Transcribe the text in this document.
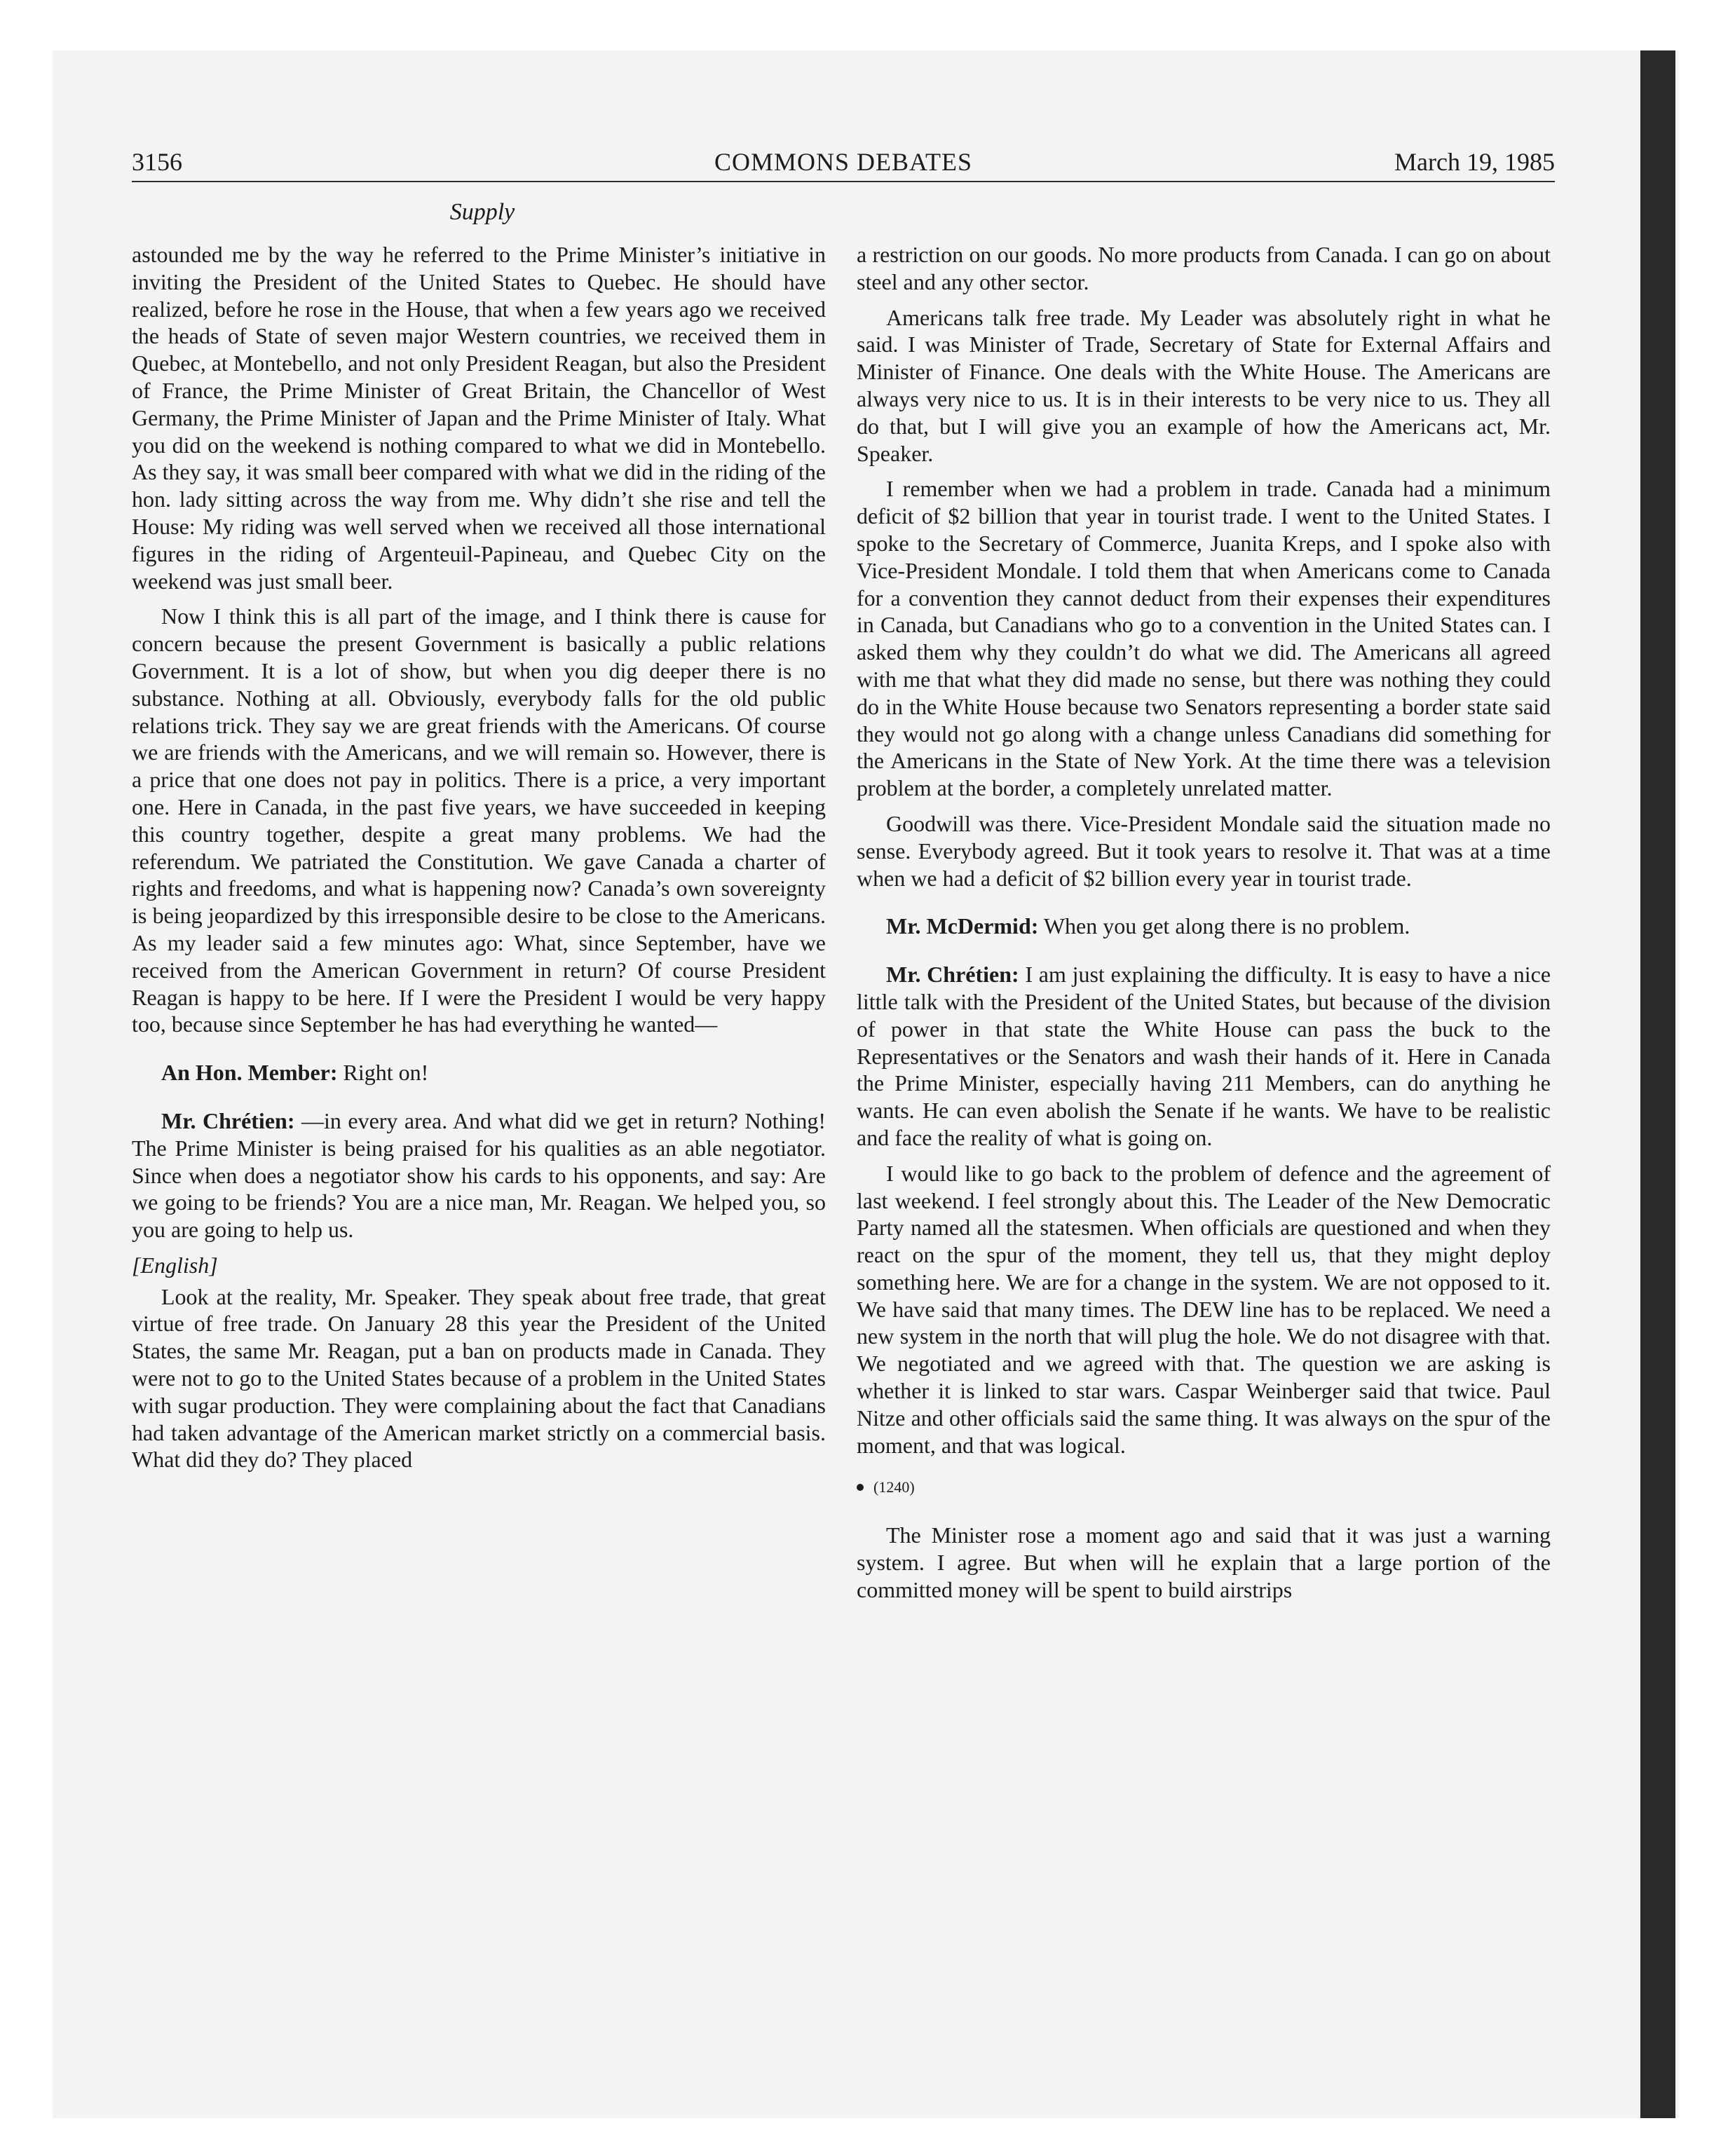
3156	COMMONS DEBATES	March 19, 1985
Supply

astounded me by the way he referred to the Prime Minister’s initiative in inviting the President of the United States to Quebec. He should have realized, before he rose in the House, that when a few years ago we received the heads of State of seven major Western countries, we received them in Quebec, at Montebello, and not only President Reagan, but also the President of France, the Prime Minister of Great Britain, the Chancellor of West Germany, the Prime Minister of Japan and the Prime Minister of Italy. What you did on the weekend is nothing compared to what we did in Montebello. As they say, it was small beer compared with what we did in the riding of the hon. lady sitting across the way from me. Why didn’t she rise and tell the House: My riding was well served when we received all those international figures in the riding of Argenteuil-Papineau, and Quebec City on the weekend was just small beer.

Now I think this is all part of the image, and I think there is cause for concern because the present Government is basically a public relations Government. It is a lot of show, but when you dig deeper there is no substance. Nothing at all. Obviously, everybody falls for the old public relations trick. They say we are great friends with the Americans. Of course we are friends with the Americans, and we will remain so. However, there is a price that one does not pay in politics. There is a price, a very important one. Here in Canada, in the past five years, we have succeeded in keeping this country together, despite a great many problems. We had the referendum. We patriated the Constitution. We gave Canada a charter of rights and freedoms, and what is happening now? Canada’s own sovereignty is being jeopardized by this irresponsible desire to be close to the Americans. As my leader said a few minutes ago: What, since September, have we received from the American Government in return? Of course President Reagan is happy to be here. If I were the President I would be very happy too, because since September he has had everything he wanted—

An Hon. Member: Right on!

Mr. Chrétien: —in every area. And what did we get in return? Nothing! The Prime Minister is being praised for his qualities as an able negotiator. Since when does a negotiator show his cards to his opponents, and say: Are we going to be friends? You are a nice man, Mr. Reagan. We helped you, so you are going to help us.

[English]

Look at the reality, Mr. Speaker. They speak about free trade, that great virtue of free trade. On January 28 this year the President of the United States, the same Mr. Reagan, put a ban on products made in Canada. They were not to go to the United States because of a problem in the United States with sugar production. They were complaining about the fact that Canadians had taken advantage of the American market strictly on a commercial basis. What did they do? They placed

a restriction on our goods. No more products from Canada. I can go on about steel and any other sector.

Americans talk free trade. My Leader was absolutely right in what he said. I was Minister of Trade, Secretary of State for External Affairs and Minister of Finance. One deals with the White House. The Americans are always very nice to us. It is in their interests to be very nice to us. They all do that, but I will give you an example of how the Americans act, Mr. Speaker.

I remember when we had a problem in trade. Canada had a minimum deficit of $2 billion that year in tourist trade. I went to the United States. I spoke to the Secretary of Commerce, Juanita Kreps, and I spoke also with Vice-President Mondale. I told them that when Americans come to Canada for a convention they cannot deduct from their expenses their expenditures in Canada, but Canadians who go to a convention in the United States can. I asked them why they couldn’t do what we did. The Americans all agreed with me that what they did made no sense, but there was nothing they could do in the White House because two Senators representing a border state said they would not go along with a change unless Canadians did something for the Americans in the State of New York. At the time there was a television problem at the border, a completely unrelated matter.

Goodwill was there. Vice-President Mondale said the situation made no sense. Everybody agreed. But it took years to resolve it. That was at a time when we had a deficit of $2 billion every year in tourist trade.

Mr. McDermid: When you get along there is no problem.

Mr. Chrétien: I am just explaining the difficulty. It is easy to have a nice little talk with the President of the United States, but because of the division of power in that state the White House can pass the buck to the Representatives or the Senators and wash their hands of it. Here in Canada the Prime Minister, especially having 211 Members, can do anything he wants. He can even abolish the Senate if he wants. We have to be realistic and face the reality of what is going on.

I would like to go back to the problem of defence and the agreement of last weekend. I feel strongly about this. The Leader of the New Democratic Party named all the statesmen. When officials are questioned and when they react on the spur of the moment, they tell us, that they might deploy something here. We are for a change in the system. We are not opposed to it. We have said that many times. The DEW line has to be replaced. We need a new system in the north that will plug the hole. We do not disagree with that. We negotiated and we agreed with that. The question we are asking is whether it is linked to star wars. Caspar Weinberger said that twice. Paul Nitze and other officials said the same thing. It was always on the spur of the moment, and that was logical.

(1240)

The Minister rose a moment ago and said that it was just a warning system. I agree. But when will he explain that a large portion of the committed money will be spent to build airstrips
